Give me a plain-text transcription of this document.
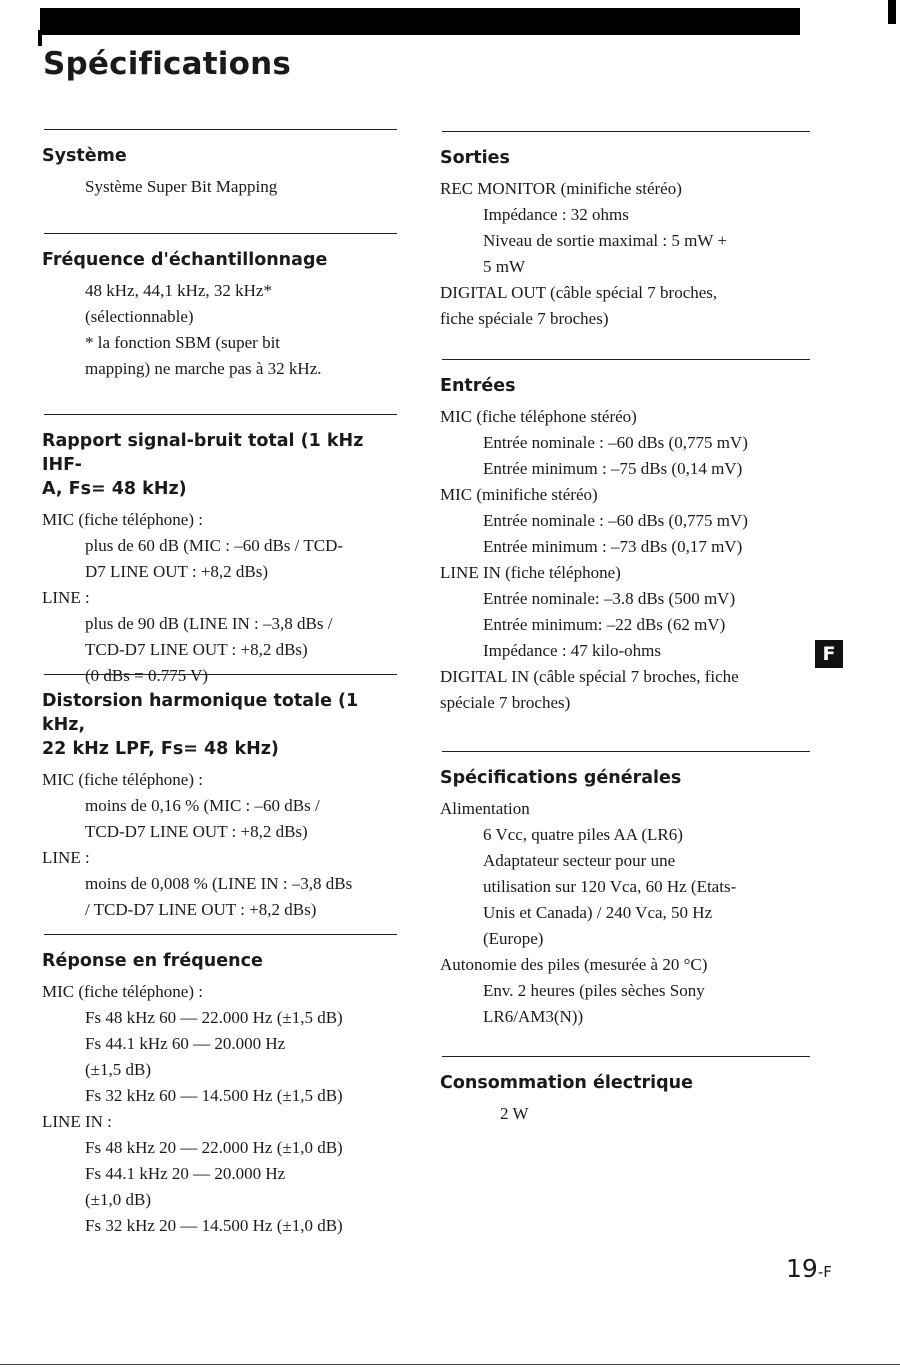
Spécifications
Système
Système Super Bit Mapping
Fréquence d'échantillonnage
48 kHz, 44,1 kHz, 32 kHz*
(sélectionnable)
* la fonction SBM (super bit
mapping) ne marche pas à 32 kHz.
Rapport signal-bruit total (1 kHz IHF-
A, Fs= 48 kHz)
MIC (fiche téléphone) :
plus de 60 dB (MIC : –60 dBs / TCD-
D7 LINE OUT : +8,2 dBs)
LINE :
plus de 90 dB (LINE IN : –3,8 dBs /
TCD-D7 LINE OUT : +8,2 dBs)
(0 dBs = 0.775 V)
Distorsion harmonique totale (1 kHz,
22 kHz LPF, Fs= 48 kHz)
MIC (fiche téléphone) :
moins de 0,16 % (MIC : –60 dBs /
TCD-D7 LINE OUT : +8,2 dBs)
LINE :
moins de 0,008 % (LINE IN : –3,8 dBs
/ TCD-D7 LINE OUT : +8,2 dBs)
Réponse en fréquence
MIC (fiche téléphone) :
Fs 48 kHz 60 — 22.000 Hz (±1,5 dB)
Fs 44.1 kHz 60 — 20.000 Hz
(±1,5 dB)
Fs 32 kHz 60 — 14.500 Hz (±1,5 dB)
LINE IN :
Fs 48 kHz 20 — 22.000 Hz (±1,0 dB)
Fs 44.1 kHz 20 — 20.000 Hz
(±1,0 dB)
Fs 32 kHz 20 — 14.500 Hz (±1,0 dB)
Sorties
REC MONITOR (minifiche stéréo)
Impédance : 32 ohms
Niveau de sortie maximal : 5 mW +
5 mW
DIGITAL OUT (câble spécial 7 broches,
fiche spéciale 7 broches)
Entrées
MIC (fiche téléphone stéréo)
Entrée nominale : –60 dBs (0,775 mV)
Entrée minimum : –75 dBs (0,14 mV)
MIC (minifiche stéréo)
Entrée nominale : –60 dBs (0,775 mV)
Entrée minimum : –73 dBs (0,17 mV)
LINE IN (fiche téléphone)
Entrée nominale: –3.8 dBs (500 mV)
Entrée minimum: –22 dBs (62 mV)
Impédance : 47 kilo-ohms
DIGITAL IN (câble spécial 7 broches, fiche
spéciale 7 broches)
Spécifications générales
Alimentation
6 Vcc, quatre piles AA (LR6)
Adaptateur secteur pour une
utilisation sur 120 Vca, 60 Hz (Etats-
Unis et Canada) / 240 Vca, 50 Hz
(Europe)
Autonomie des piles (mesurée à 20 °C)
Env. 2 heures (piles sèches Sony
LR6/AM3(N))
Consommation électrique
2 W
F
19-F
